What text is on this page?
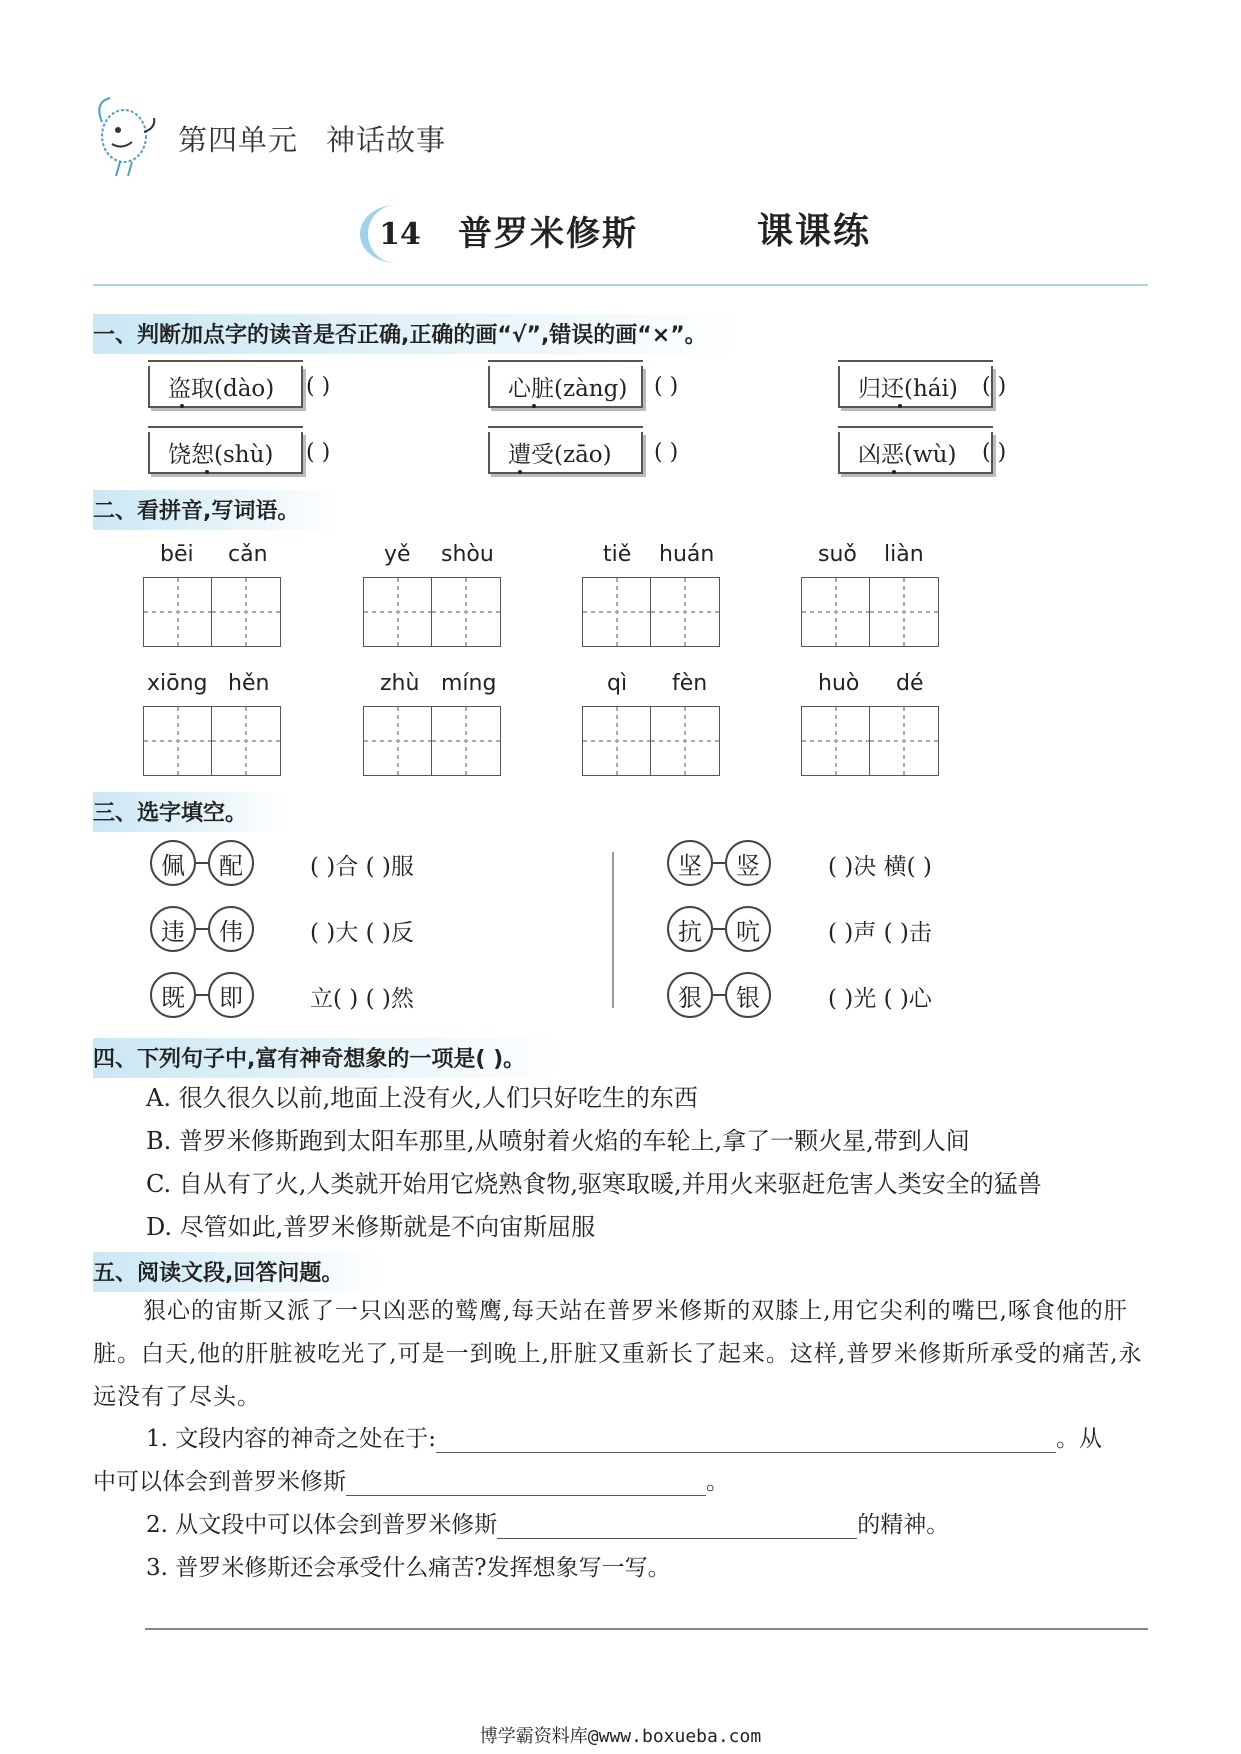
第四单元 神话故事
14 普罗米修斯	课课练
一、判断加点字的读音是否正确,正确的画“√”,错误的画“×”。
盗取(dào)	( )	心脏(zàng)	( )	归还(hái)	( )
饶恕(shù)	( )	遭受(zāo)	( )	凶恶(wù)	( )
二、看拼音,写词语。
bēi cǎn	yě shòu	tiě huán	suǒ liàn
xiōng hěn	zhù míng	qì fèn	huò dé
三、选字填空。
佩	配	( )合 ( )服
违	伟	( )大 ( )反
既	即	立( ) ( )然
坚	竖	( )决 横( )
抗	吭	( )声 ( )击
狠	银	( )光 ( )心
四、下列句子中,富有神奇想象的一项是( )。
A. 很久很久以前,地面上没有火,人们只好吃生的东西
B. 普罗米修斯跑到太阳车那里,从喷射着火焰的车轮上,拿了一颗火星,带到人间
C. 自从有了火,人类就开始用它烧熟食物,驱寒取暖,并用火来驱赶危害人类安全的猛兽
D. 尽管如此,普罗米修斯就是不向宙斯屈服
五、阅读文段,回答问题。
狠心的宙斯又派了一只凶恶的鹫鹰,每天站在普罗米修斯的双膝上,用它尖利的嘴巴,啄食他的肝脏。白天,他的肝脏被吃光了,可是一到晚上,肝脏又重新长了起来。这样,普罗米修斯所承受的痛苦,永远没有了尽头。
1. 文段内容的神奇之处在于:	。从
中可以体会到普罗米修斯	。
2. 从文段中可以体会到普罗米修斯	的精神。
3. 普罗米修斯还会承受什么痛苦?发挥想象写一写。
博学霸资料库@www.boxueba.com
